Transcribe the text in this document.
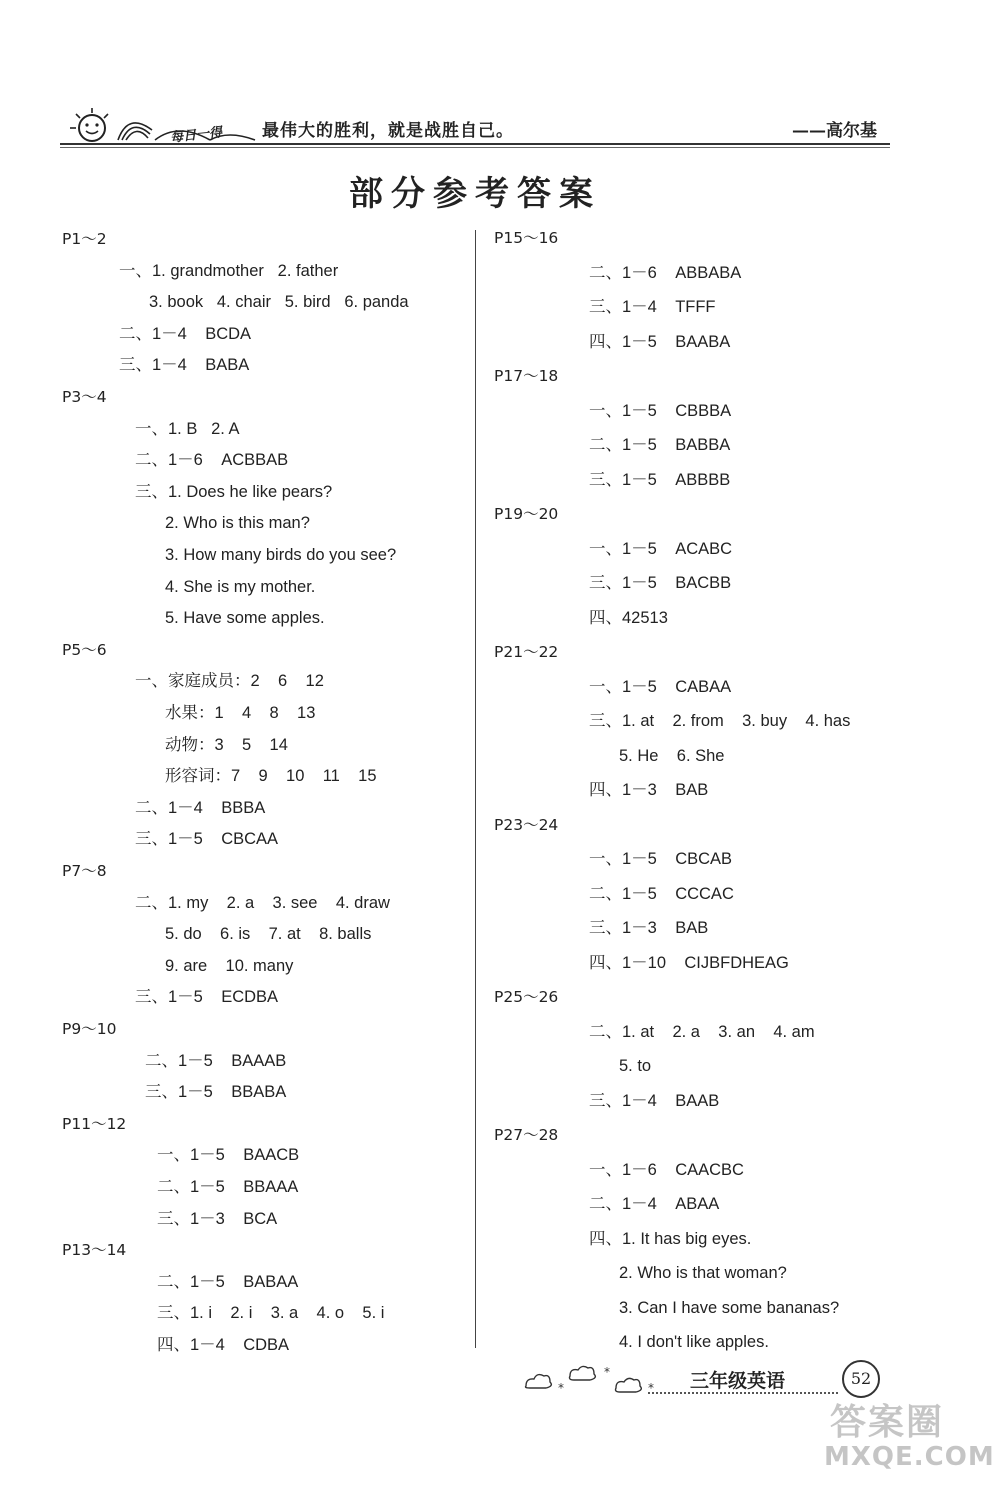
每日一得 最伟大的胜利，就是战胜自己。	——高尔基
部分参考答案
P1～2
一、1. grandmother   2. father
3. book   4. chair   5. bird   6. panda
二、1－4    BCDA
三、1－4    BABA
P3～4
一、1. B   2. A
二、1－6    ACBBAB
三、1. Does he like pears?
2. Who is this man?
3. How many birds do you see?
4. She is my mother.
5. Have some apples.
P5～6
一、家庭成员：2    6    12
水果：1    4    8    13
动物：3    5    14
形容词：7    9    10    11    15
二、1－4    BBBA
三、1－5    CBCAA
P7～8
二、1. my    2. a    3. see    4. draw
5. do    6. is    7. at    8. balls
9. are    10. many
三、1－5    ECDBA
P9～10
二、1－5    BAAAB
三、1－5    BBABA
P11～12
一、1－5    BAACB
二、1－5    BBAAA
三、1－3    BCA
P13～14
二、1－5    BABAA
三、1. i    2. i    3. a    4. o    5. i
四、1－4    CDBA
P15～16
二、1－6    ABBABA
三、1－4    TFFF
四、1－5    BAABA
P17～18
一、1－5    CBBBA
二、1－5    BABBA
三、1－5    ABBBB
P19～20
一、1－5    ACABC
三、1－5    BACBB
四、42513
P21～22
一、1－5    CABAA
三、1. at    2. from    3. buy    4. has
5. He    6. She
四、1－3    BAB
P23～24
一、1－5    CBCAB
二、1－5    CCCAC
三、1－3    BAB
四、1－10    CIJBFDHEAG
P25～26
二、1. at    2. a    3. an    4. am
5. to
三、1－4    BAAB
P27～28
一、1－6    CAACBC
二、1－4    ABAA
四、1. It has big eyes.
2. Who is that woman?
3. Can I have some bananas?
4. I don't like apples.
*
*
* 三年级英语	52
答案圈
MXQE.COM
